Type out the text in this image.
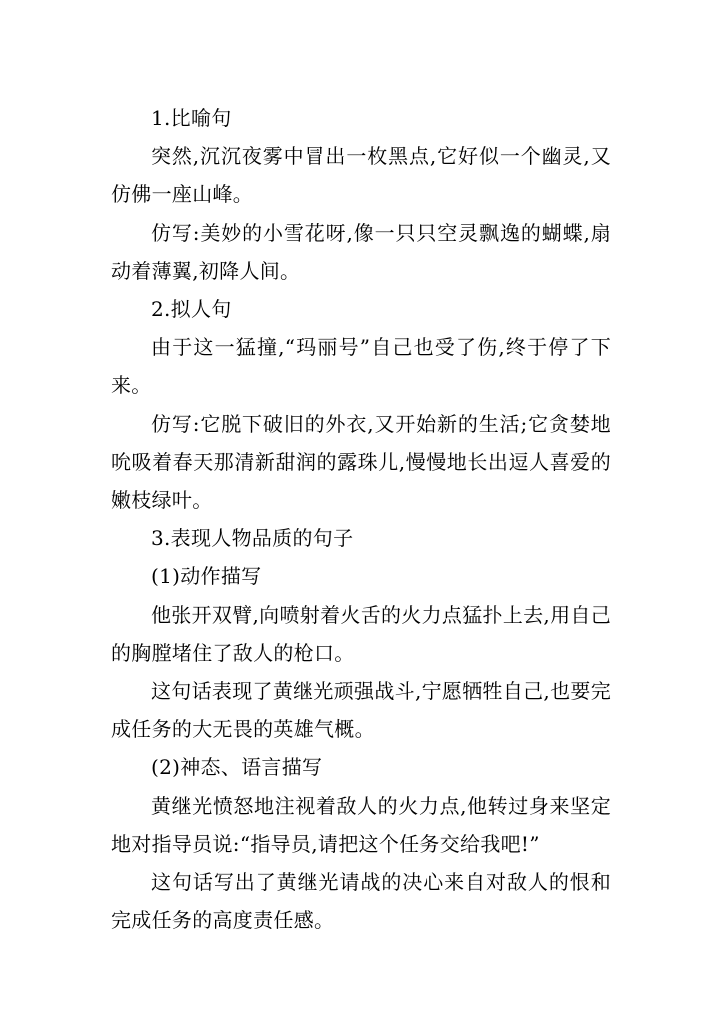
1.比喻句

突然,沉沉夜雾中冒出一枚黑点,它好似一个幽灵,又仿佛一座山峰。

仿写:美妙的小雪花呀,像一只只空灵飘逸的蝴蝶,扇动着薄翼,初降人间。

2.拟人句

由于这一猛撞,“玛丽号”自己也受了伤,终于停了下来。

仿写:它脱下破旧的外衣,又开始新的生活;它贪婪地吮吸着春天那清新甜润的露珠儿,慢慢地长出逗人喜爱的嫩枝绿叶。

3.表现人物品质的句子

(1)动作描写

他张开双臂,向喷射着火舌的火力点猛扑上去,用自己的胸膛堵住了敌人的枪口。

这句话表现了黄继光顽强战斗,宁愿牺牲自己,也要完成任务的大无畏的英雄气概。

(2)神态、语言描写

黄继光愤怒地注视着敌人的火力点,他转过身来坚定地对指导员说:“指导员,请把这个任务交给我吧!”

这句话写出了黄继光请战的决心来自对敌人的恨和完成任务的高度责任感。
